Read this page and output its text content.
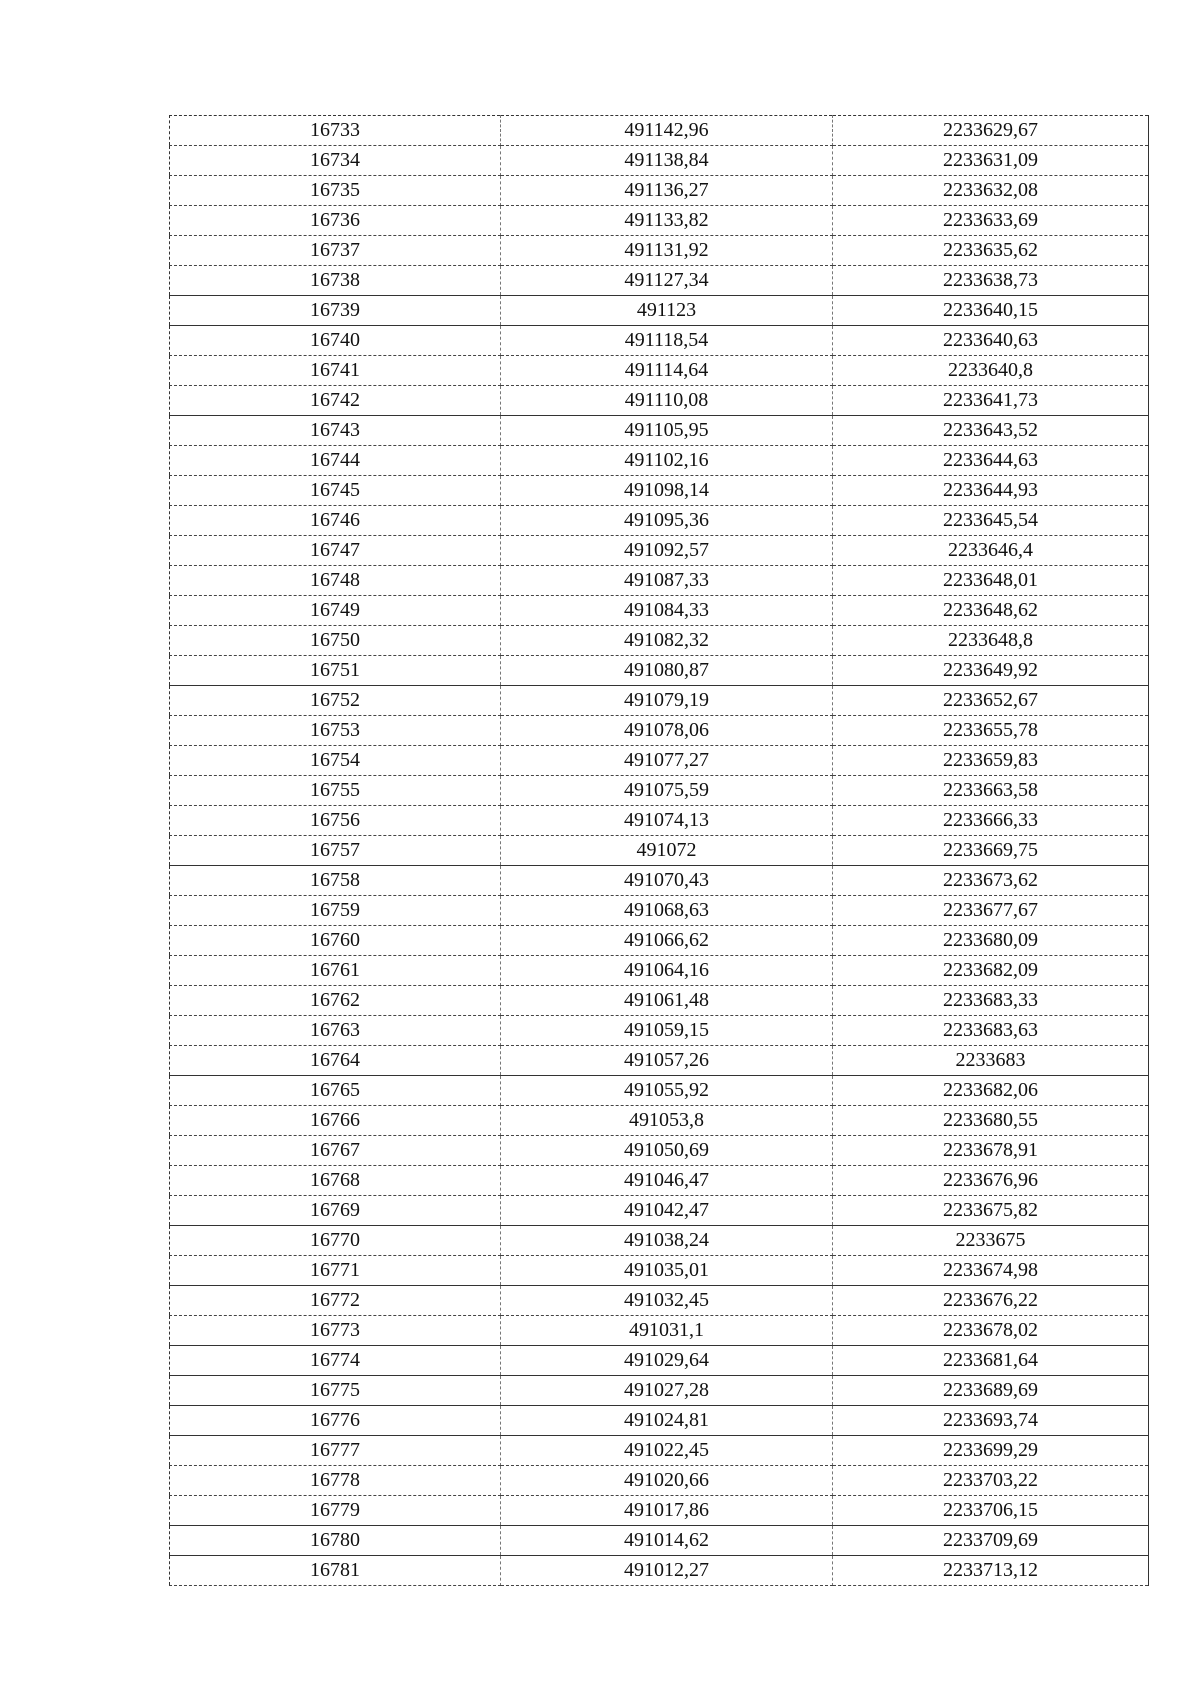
16733	491142,96	2233629,67
16734	491138,84	2233631,09
16735	491136,27	2233632,08
16736	491133,82	2233633,69
16737	491131,92	2233635,62
16738	491127,34	2233638,73
16739	491123	2233640,15
16740	491118,54	2233640,63
16741	491114,64	2233640,8
16742	491110,08	2233641,73
16743	491105,95	2233643,52
16744	491102,16	2233644,63
16745	491098,14	2233644,93
16746	491095,36	2233645,54
16747	491092,57	2233646,4
16748	491087,33	2233648,01
16749	491084,33	2233648,62
16750	491082,32	2233648,8
16751	491080,87	2233649,92
16752	491079,19	2233652,67
16753	491078,06	2233655,78
16754	491077,27	2233659,83
16755	491075,59	2233663,58
16756	491074,13	2233666,33
16757	491072	2233669,75
16758	491070,43	2233673,62
16759	491068,63	2233677,67
16760	491066,62	2233680,09
16761	491064,16	2233682,09
16762	491061,48	2233683,33
16763	491059,15	2233683,63
16764	491057,26	2233683
16765	491055,92	2233682,06
16766	491053,8	2233680,55
16767	491050,69	2233678,91
16768	491046,47	2233676,96
16769	491042,47	2233675,82
16770	491038,24	2233675
16771	491035,01	2233674,98
16772	491032,45	2233676,22
16773	491031,1	2233678,02
16774	491029,64	2233681,64
16775	491027,28	2233689,69
16776	491024,81	2233693,74
16777	491022,45	2233699,29
16778	491020,66	2233703,22
16779	491017,86	2233706,15
16780	491014,62	2233709,69
16781	491012,27	2233713,12
